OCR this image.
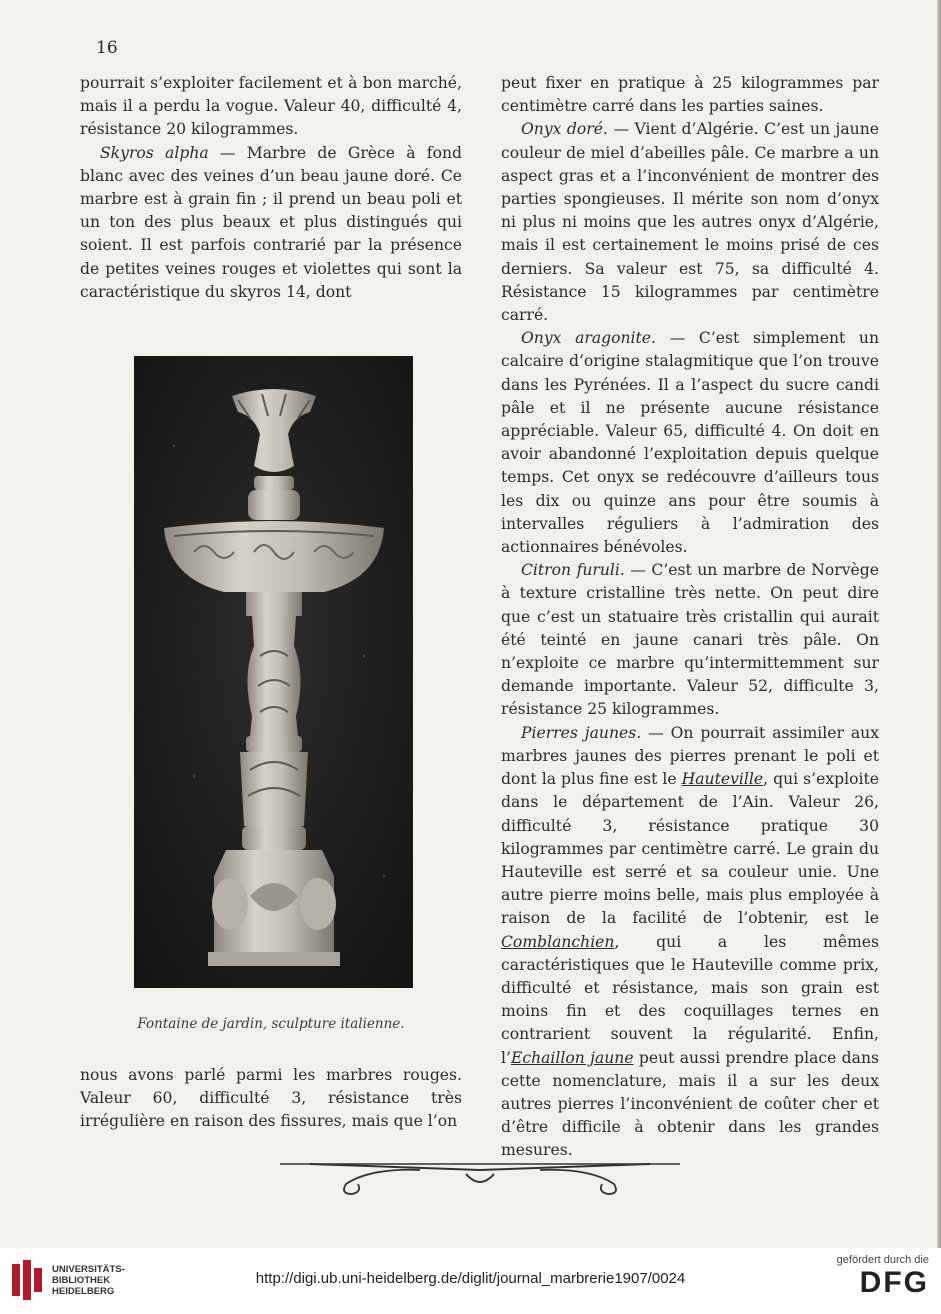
16

pourrait s’exploiter facilement et à bon marché, mais il a perdu la vogue. Valeur 40, difficulté 4, résistance 20 kilogrammes.

Skyros alpha — Marbre de Grèce à fond blanc avec des veines d’un beau jaune doré. Ce marbre est à grain fin ; il prend un beau poli et un ton des plus beaux et plus distingués qui soient. Il est parfois contrarié par la présence de petites veines rouges et violettes qui sont la caractéristique du skyros 14, dont

Fontaine de jardin, sculpture italienne.

nous avons parlé parmi les marbres rouges. Valeur 60, difficulté 3, résistance très irrégulière en raison des fissures, mais que l’on

peut fixer en pratique à 25 kilogrammes par centimètre carré dans les parties saines.

Onyx doré. — Vient d’Algérie. C’est un jaune couleur de miel d’abeilles pâle. Ce marbre a un aspect gras et a l’inconvénient de montrer des parties spongieuses. Il mérite son nom d’onyx ni plus ni moins que les autres onyx d’Algérie, mais il est certainement le moins prisé de ces derniers. Sa valeur est 75, sa difficulté 4. Résistance 15 kilogrammes par centimètre carré.

Onyx aragonite. — C’est simplement un calcaire d’origine stalagmitique que l’on trouve dans les Pyrénées. Il a l’aspect du sucre candi pâle et il ne présente aucune résistance appréciable. Valeur 65, difficulté 4. On doit en avoir abandonné l’exploitation depuis quelque temps. Cet onyx se redécouvre d’ailleurs tous les dix ou quinze ans pour être soumis à intervalles réguliers à l’admiration des actionnaires bénévoles.

Citron furuli. — C’est un marbre de Norvège à texture cristalline très nette. On peut dire que c’est un statuaire très cristallin qui aurait été teinté en jaune canari très pâle. On n’exploite ce marbre qu’intermittemment sur demande importante. Valeur 52, difficulte 3, résistance 25 kilogrammes.

Pierres jaunes. — On pourrait assimiler aux marbres jaunes des pierres prenant le poli et dont la plus fine est le Hauteville, qui s’exploite dans le département de l’Ain. Valeur 26, difficulté 3, résistance pratique 30 kilogrammes par centimètre carré. Le grain du Hauteville est serré et sa couleur unie. Une autre pierre moins belle, mais plus employée à raison de la facilité de l’obtenir, est le Comblanchien, qui a les mêmes caractéristiques que le Hauteville comme prix, difficulté et résistance, mais son grain est moins fin et des coquillages ternes en contrarient souvent la régularité. Enfin, l’Echaillon jaune peut aussi prendre place dans cette nomenclature, mais il a sur les deux autres pierres l’inconvénient de coûter cher et d’être difficile à obtenir dans les grandes mesures.

UNIVERSITÄTS-
BIBLIOTHEK
HEIDELBERG
http://digi.ub.uni-heidelberg.de/diglit/journal_marbrerie1907/0024
gefördert durch die
DFG
